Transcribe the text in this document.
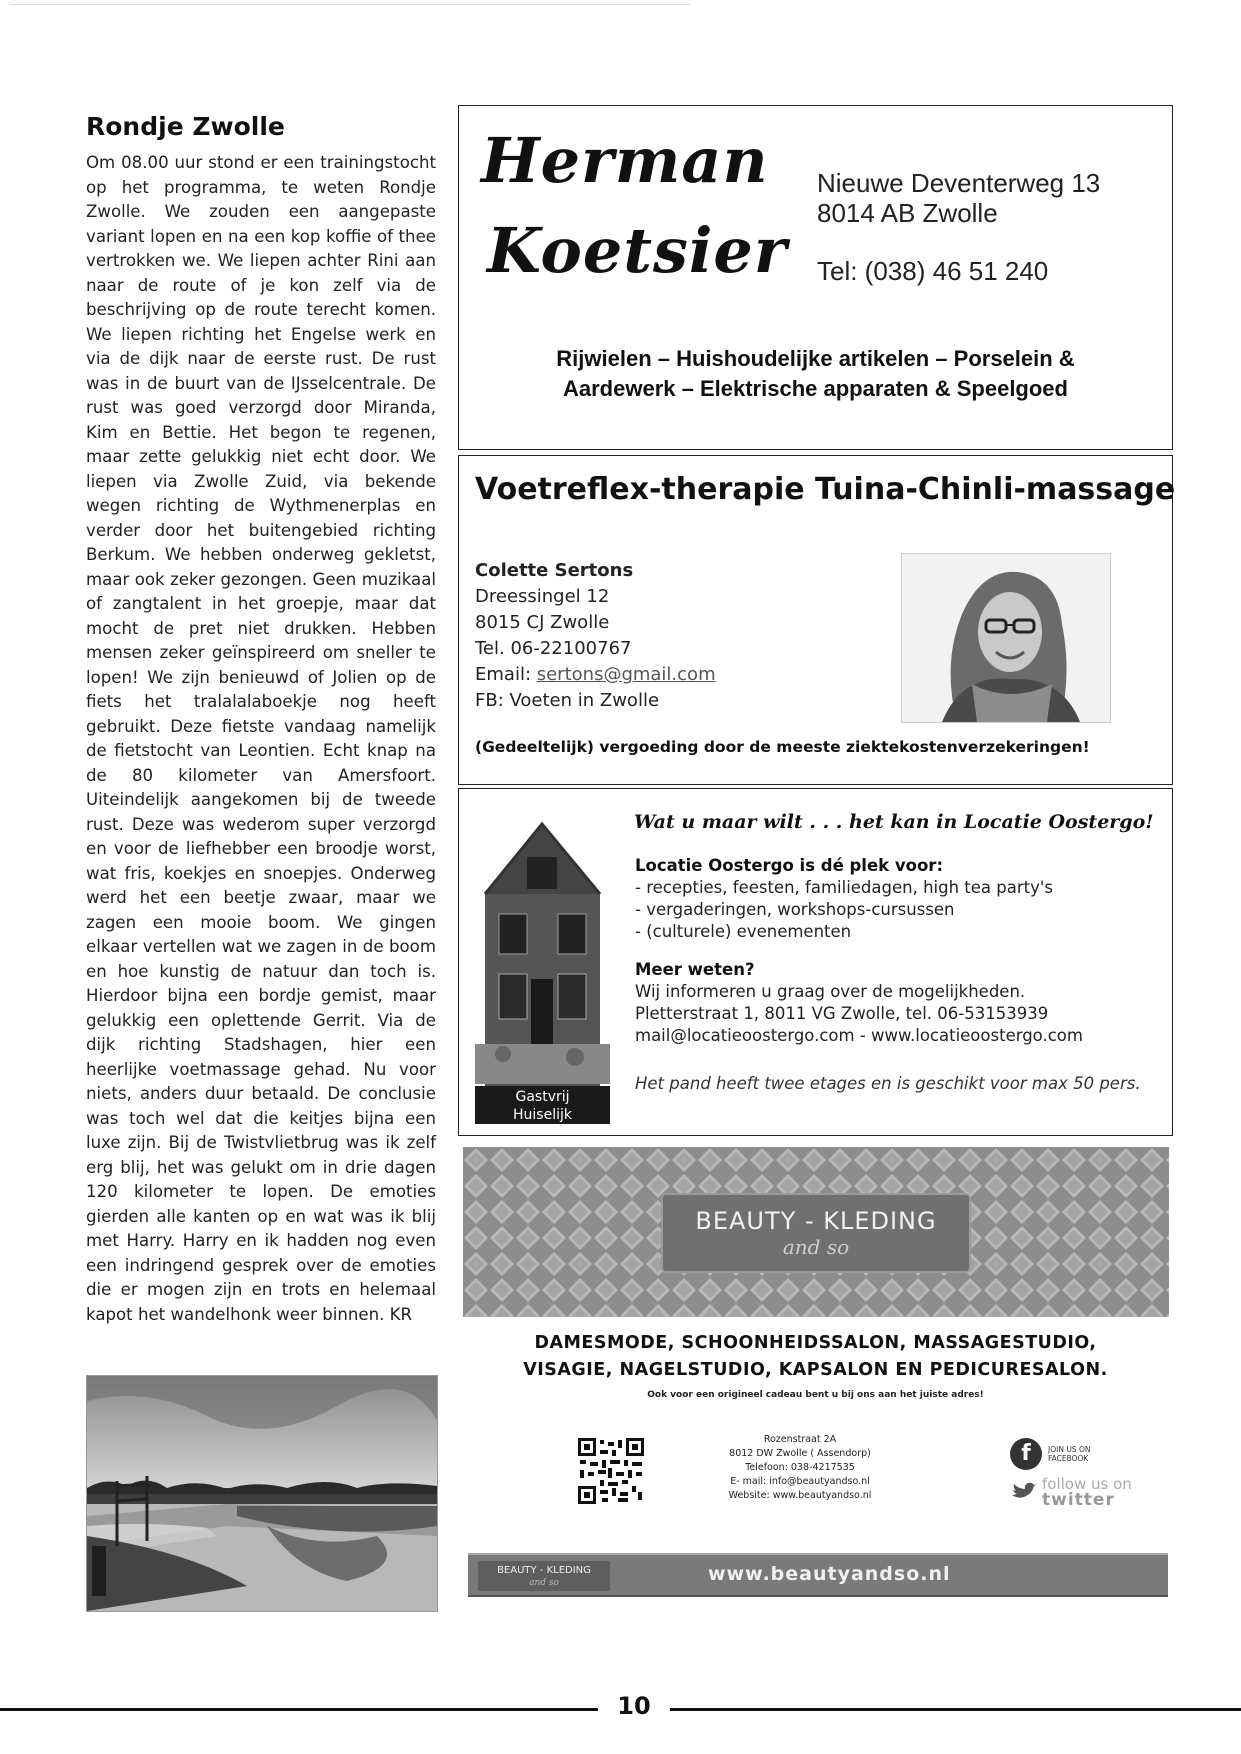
Rondje Zwolle
Om 08.00 uur stond er een trainingstocht op het programma, te weten Rondje Zwolle. We zouden een aangepaste variant lopen en na een kop koffie of thee vertrokken we. We liepen achter Rini aan naar de route of je kon zelf via de beschrijving op de route terecht komen. We liepen richting het Engelse werk en via de dijk naar de eerste rust. De rust was in de buurt van de IJsselcentrale. De rust was goed verzorgd door Miranda, Kim en Bettie. Het begon te regenen, maar zette gelukkig niet echt door. We liepen via Zwolle Zuid, via bekende wegen richting de Wythmenerplas en verder door het buitengebied richting Berkum. We hebben onderweg gekletst, maar ook zeker gezongen. Geen muzikaal of zangtalent in het groepje, maar dat mocht de pret niet drukken. Hebben mensen zeker geïnspireerd om sneller te lopen! We zijn benieuwd of Jolien op de fiets het tralalalaboekje nog heeft gebruikt. Deze fietste vandaag namelijk de fietstocht van Leontien. Echt knap na de 80 kilometer van Amersfoort. Uiteindelijk aangekomen bij de tweede rust. Deze was wederom super verzorgd en voor de liefhebber een broodje worst, wat fris, koekjes en snoepjes. Onderweg werd het een beetje zwaar, maar we zagen een mooie boom. We gingen elkaar vertellen wat we zagen in de boom en hoe kunstig de natuur dan toch is. Hierdoor bijna een bordje gemist, maar gelukkig een oplettende Gerrit. Via de dijk richting Stadshagen, hier een heerlijke voetmassage gehad. Nu voor niets, anders duur betaald. De conclusie was toch wel dat die keitjes bijna een luxe zijn. Bij de Twistvlietbrug was ik zelf erg blij, het was gelukt om in drie dagen 120 kilometer te lopen. De emoties gierden alle kanten op en wat was ik blij met Harry. Harry en ik hadden nog even een indringend gesprek over de emoties die er mogen zijn en trots en helemaal kapot het wandelhonk weer binnen. KR
Herman
Koetsier
Nieuwe Deventerweg 13
8014 AB Zwolle
Tel: (038) 46 51 240
Rijwielen – Huishoudelijke artikelen – Porselein &
Aardewerk – Elektrische apparaten & Speelgoed
Voetreflex-therapie Tuina-Chinli-massage
Colette Sertons
Dreessingel 12
8015 CJ Zwolle
Tel. 06-22100767
Email: sertons@gmail.com
FB: Voeten in Zwolle
(Gedeeltelijk) vergoeding door de meeste ziektekostenverzekeringen!
Gastvrij
Huiselijk
Wat u maar wilt . . . het kan in Locatie Oostergo!
Locatie Oostergo is dé plek voor:
- recepties, feesten, familiedagen, high tea party's
- vergaderingen, workshops-cursussen
- (culturele) evenementen
Meer weten?
Wij informeren u graag over de mogelijkheden.
Pletterstraat 1, 8011 VG Zwolle, tel. 06-53153939
mail@locatieoostergo.com - www.locatieoostergo.com
Het pand heeft twee etages en is geschikt voor max 50 pers.
BEAUTY - KLEDING
and so
DAMESMODE, SCHOONHEIDSSALON, MASSAGESTUDIO,
VISAGIE, NAGELSTUDIO, KAPSALON EN PEDICURESALON.
Ook voor een origineel cadeau bent u bij ons aan het juiste adres!
Rozenstraat 2A
8012 DW Zwolle ( Assendorp)
Telefoon: 038-4217535
E- mail: info@beautyandso.nl
Website: www.beautyandso.nl
f	JOIN US ON
FACEBOOK
follow us on
twitter
BEAUTY - KLEDING
and so	www.beautyandso.nl
10
